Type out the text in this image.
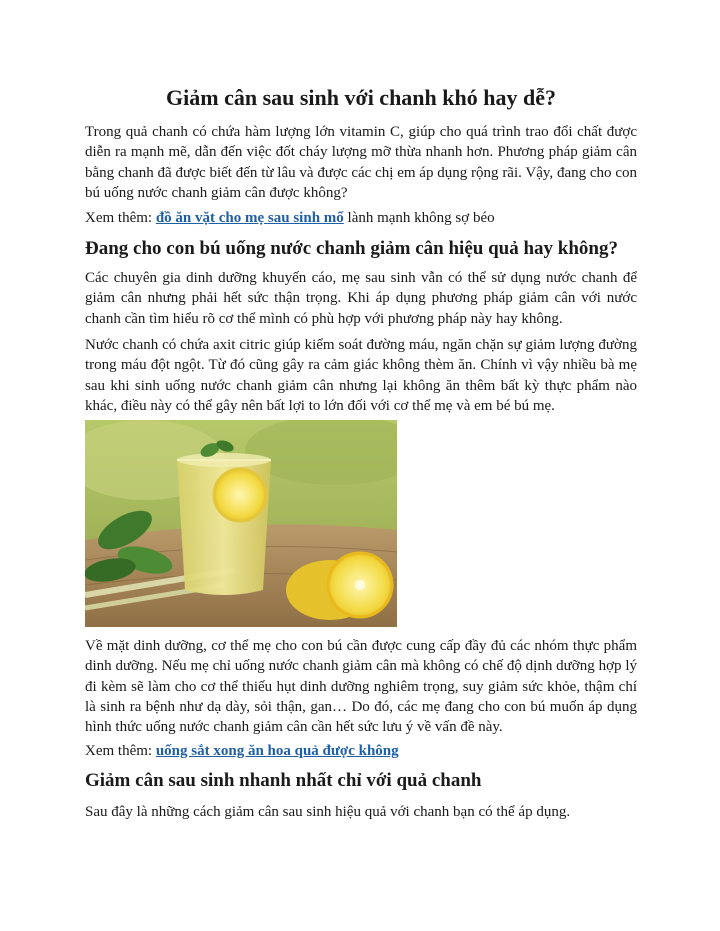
Giảm cân sau sinh với chanh khó hay dễ?

Trong quả chanh có chứa hàm lượng lớn vitamin C, giúp cho quá trình trao đổi chất được diễn ra mạnh mẽ, dẫn đến việc đốt cháy lượng mỡ thừa nhanh hơn. Phương pháp giảm cân bằng chanh đã được biết đến từ lâu và được các chị em áp dụng rộng rãi. Vậy, đang cho con bú uống nước chanh giảm cân được không?

Xem thêm: đồ ăn vặt cho mẹ sau sinh mổ lành mạnh không sợ béo

Đang cho con bú uống nước chanh giảm cân hiệu quả hay không?

Các chuyên gia dinh dưỡng khuyến cáo, mẹ sau sinh vẫn có thể sử dụng nước chanh để giảm cân nhưng phải hết sức thận trọng. Khi áp dụng phương pháp giảm cân với nước chanh cần tìm hiểu rõ cơ thể mình có phù hợp với phương pháp này hay không.

Nước chanh có chứa axit citric giúp kiểm soát đường máu, ngăn chặn sự giảm lượng đường trong máu đột ngột. Từ đó cũng gây ra cảm giác không thèm ăn. Chính vì vậy nhiều bà mẹ sau khi sinh uống nước chanh giảm cân nhưng lại không ăn thêm bất kỳ thực phẩm nào khác, điều này có thể gây nên bất lợi to lớn đối với cơ thể mẹ và em bé bú mẹ.

Về mặt dinh dưỡng, cơ thể mẹ cho con bú cần được cung cấp đầy đủ các nhóm thực phẩm dinh dưỡng. Nếu mẹ chỉ uống nước chanh giảm cân mà không có chế độ dịnh dưỡng hợp lý đi kèm sẽ làm cho cơ thể thiếu hụt dinh dưỡng nghiêm trọng, suy giảm sức khỏe, thậm chí là sinh ra bệnh như dạ dày, sỏi thận, gan… Do đó, các mẹ đang cho con bú muốn áp dụng hình thức uống nước chanh giảm cân cần hết sức lưu ý về vấn đề này.

Xem thêm: uống sắt xong ăn hoa quả được không

Giảm cân sau sinh nhanh nhất chỉ với quả chanh

Sau đây là những cách giảm cân sau sinh hiệu quả với chanh bạn có thể áp dụng.
